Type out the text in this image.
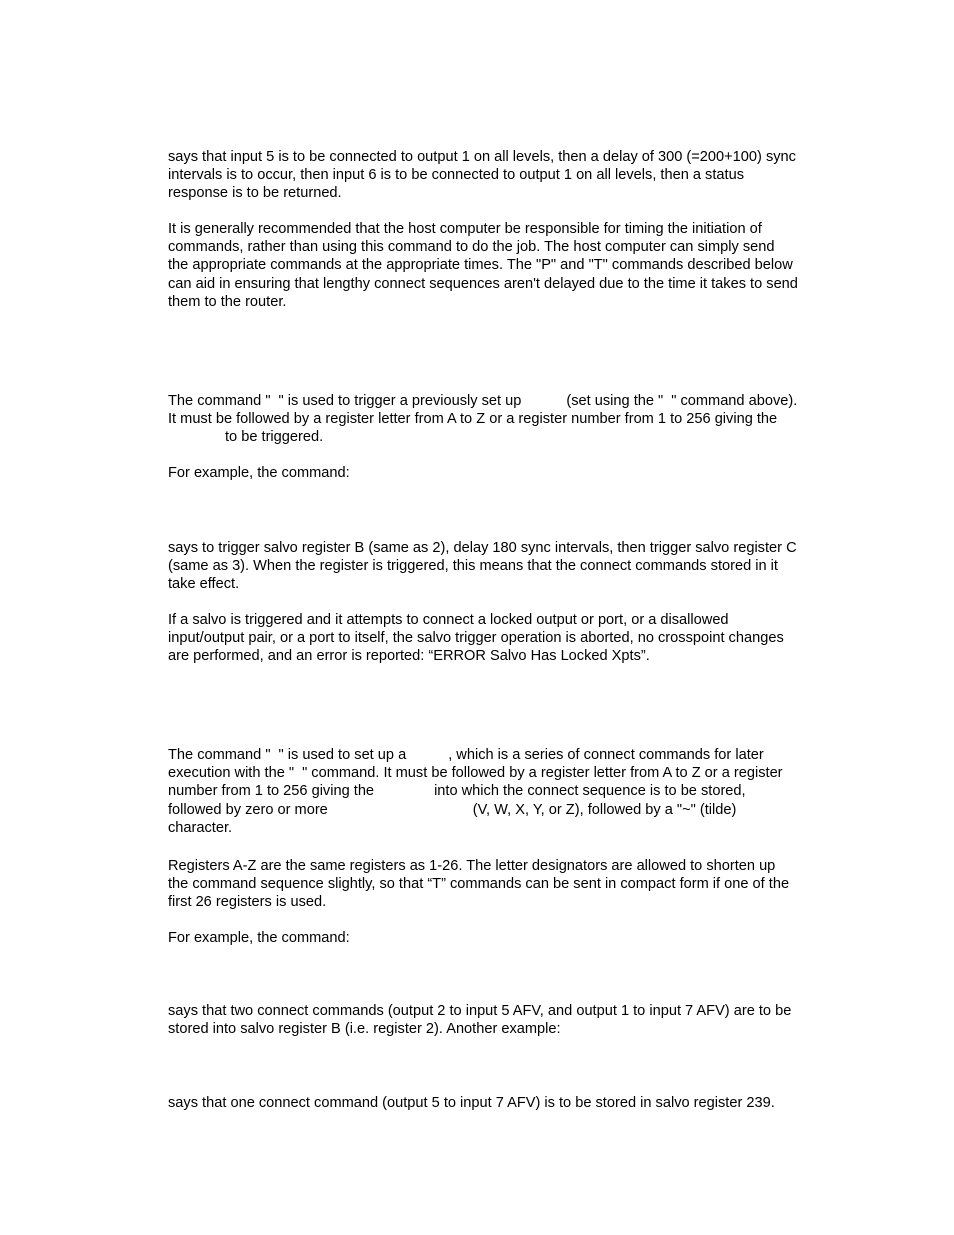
says that input 5 is to be connected to output 1 on all levels, then a delay of 300 (=200+100) sync
intervals is to occur, then input 6 is to be connected to output 1 on all levels, then a status
response is to be returned.

It is generally recommended that the host computer be responsible for timing the initiation of
commands, rather than using this command to do the job. The host computer can simply send
the appropriate commands at the appropriate times. The "P" and "T" commands described below
can aid in ensuring that lengthy connect sequences aren't delayed due to the time it takes to send
them to the router.

The command " " is used to trigger a previously set up	(set using the " " command above).
It must be followed by a register letter from A to Z or a register number from 1 to 256 giving the
to be triggered.

For example, the command:

says to trigger salvo register B (same as 2), delay 180 sync intervals, then trigger salvo register C
(same as 3). When the register is triggered, this means that the connect commands stored in it
take effect.

If a salvo is triggered and it attempts to connect a locked output or port, or a disallowed
input/output pair, or a port to itself, the salvo trigger operation is aborted, no crosspoint changes
are performed, and an error is reported: “ERROR Salvo Has Locked Xpts”.

The command " " is used to set up a	, which is a series of connect commands for later
execution with the " " command. It must be followed by a register letter from A to Z or a register
number from 1 to 256 giving the	into which the connect sequence is to be stored,
followed by zero or more	(V, W, X, Y, or Z), followed by a "~" (tilde)
character.

Registers A-Z are the same registers as 1-26. The letter designators are allowed to shorten up
the command sequence slightly, so that “T” commands can be sent in compact form if one of the
first 26 registers is used.

For example, the command:

says that two connect commands (output 2 to input 5 AFV, and output 1 to input 7 AFV) are to be
stored into salvo register B (i.e. register 2). Another example:

says that one connect command (output 5 to input 7 AFV) is to be stored in salvo register 239.
